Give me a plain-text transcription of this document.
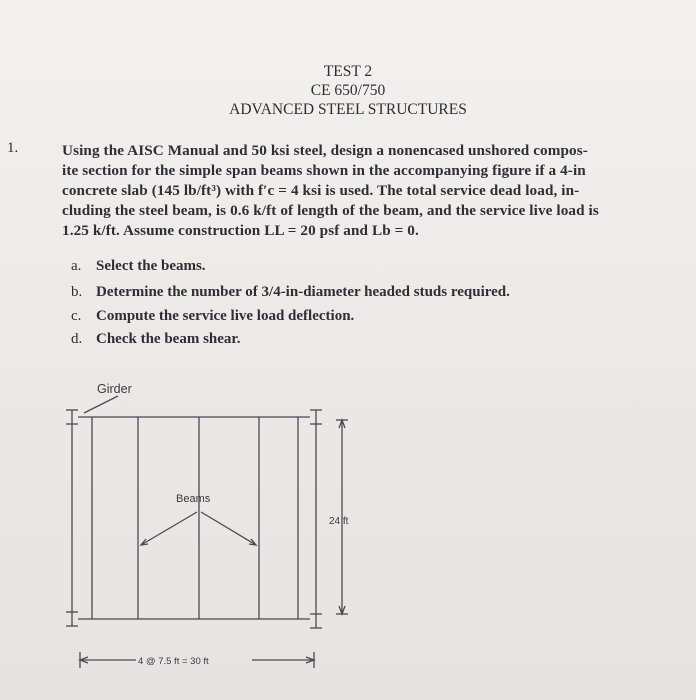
TEST 2
CE 650/750
ADVANCED STEEL STRUCTURES
1.	Using the AISC Manual and 50 ksi steel, design a nonencased unshored compos-
ite section for the simple span beams shown in the accompanying figure if a 4-in
concrete slab (145 lb/ft³) with f′c = 4 ksi is used. The total service dead load, in-
cluding the steel beam, is 0.6 k/ft of length of the beam, and the service live load is
1.25 k/ft. Assume construction LL = 20 psf and Lb = 0.
a. Select the beams.
b. Determine the number of 3/4-in-diameter headed studs required.
c. Compute the service live load deflection.
d. Check the beam shear.
Girder
Beams
24 ft
4 @ 7.5 ft = 30 ft
